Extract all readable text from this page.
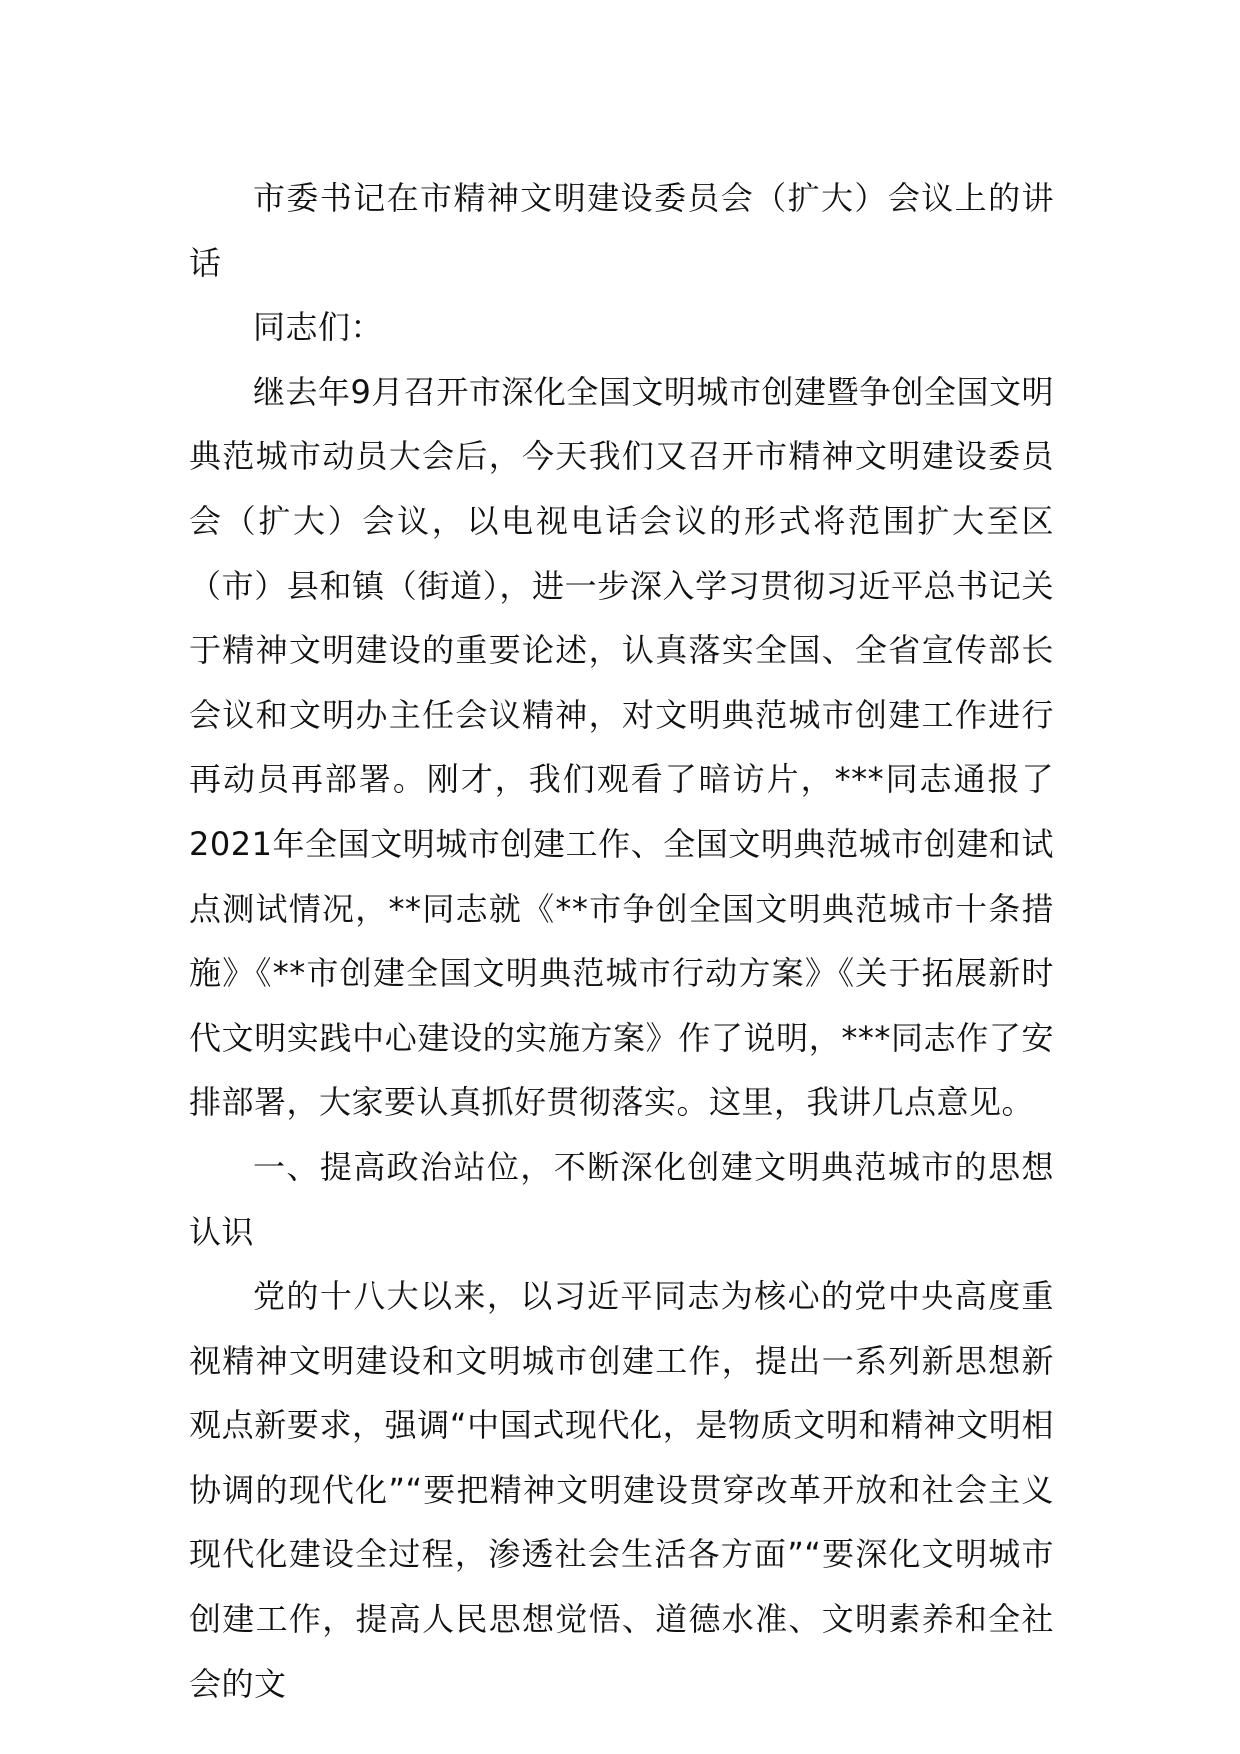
市委书记在市精神文明建设委员会（扩大）会议上的讲话

同志们：

继去年9月召开市深化全国文明城市创建暨争创全国文明典范城市动员大会后，今天我们又召开市精神文明建设委员会（扩大）会议，以电视电话会议的形式将范围扩大至区（市）县和镇（街道），进一步深入学习贯彻习近平总书记关于精神文明建设的重要论述，认真落实全国、全省宣传部长会议和文明办主任会议精神，对文明典范城市创建工作进行再动员再部署。刚才，我们观看了暗访片，***同志通报了2021年全国文明城市创建工作、全国文明典范城市创建和试点测试情况，**同志就《**市争创全国文明典范城市十条措施》《**市创建全国文明典范城市行动方案》《关于拓展新时代文明实践中心建设的实施方案》作了说明，***同志作了安排部署，大家要认真抓好贯彻落实。这里，我讲几点意见。

一、提高政治站位，不断深化创建文明典范城市的思想认识

党的十八大以来，以习近平同志为核心的党中央高度重视精神文明建设和文明城市创建工作，提出一系列新思想新观点新要求，强调“中国式现代化，是物质文明和精神文明相协调的现代化”“要把精神文明建设贯穿改革开放和社会主义现代化建设全过程，渗透社会生活各方面”“要深化文明城市创建工作，提高人民思想觉悟、道德水准、文明素养和全社会的文
